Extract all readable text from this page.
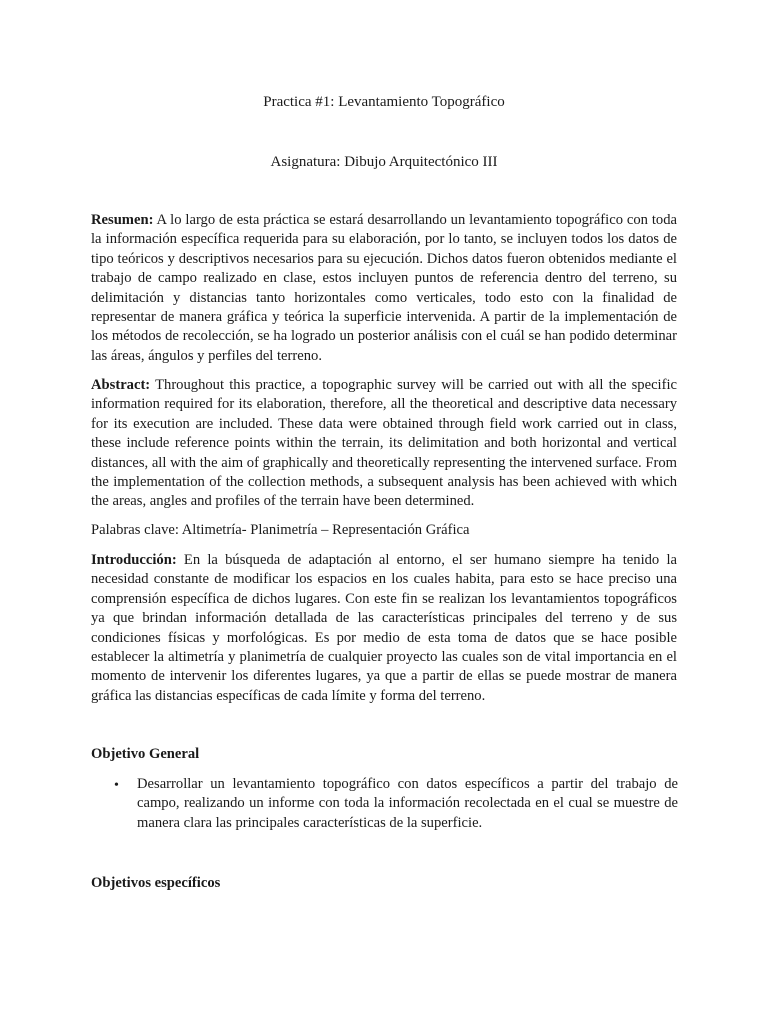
Practica #1: Levantamiento Topográfico
Asignatura: Dibujo Arquitectónico III

Resumen: A lo largo de esta práctica se estará desarrollando un levantamiento topográfico con toda la información específica requerida para su elaboración, por lo tanto, se incluyen todos los datos de tipo teóricos y descriptivos necesarios para su ejecución. Dichos datos fueron obtenidos mediante el trabajo de campo realizado en clase, estos incluyen puntos de referencia dentro del terreno, su delimitación y distancias tanto horizontales como verticales, todo esto con la finalidad de representar de manera gráfica y teórica la superficie intervenida. A partir de la implementación de los métodos de recolección, se ha logrado un posterior análisis con el cuál se han podido determinar las áreas, ángulos y perfiles del terreno.

Abstract: Throughout this practice, a topographic survey will be carried out with all the specific information required for its elaboration, therefore, all the theoretical and descriptive data necessary for its execution are included. These data were obtained through field work carried out in class, these include reference points within the terrain, its delimitation and both horizontal and vertical distances, all with the aim of graphically and theoretically representing the intervened surface. From the implementation of the collection methods, a subsequent analysis has been achieved with which the areas, angles and profiles of the terrain have been determined.

Palabras clave: Altimetría- Planimetría – Representación Gráfica

Introducción: En la búsqueda de adaptación al entorno, el ser humano siempre ha tenido la necesidad constante de modificar los espacios en los cuales habita, para esto se hace preciso una comprensión específica de dichos lugares. Con este fin se realizan los levantamientos topográficos ya que brindan información detallada de las características principales del terreno y de sus condiciones físicas y morfológicas. Es por medio de esta toma de datos que se hace posible establecer la altimetría y planimetría de cualquier proyecto las cuales son de vital importancia en el momento de intervenir los diferentes lugares, ya que a partir de ellas se puede mostrar de manera gráfica las distancias específicas de cada límite y forma del terreno.

Objetivo General

• Desarrollar un levantamiento topográfico con datos específicos a partir del trabajo de campo, realizando un informe con toda la información recolectada en el cual se muestre de manera clara las principales características de la superficie.

Objetivos específicos
